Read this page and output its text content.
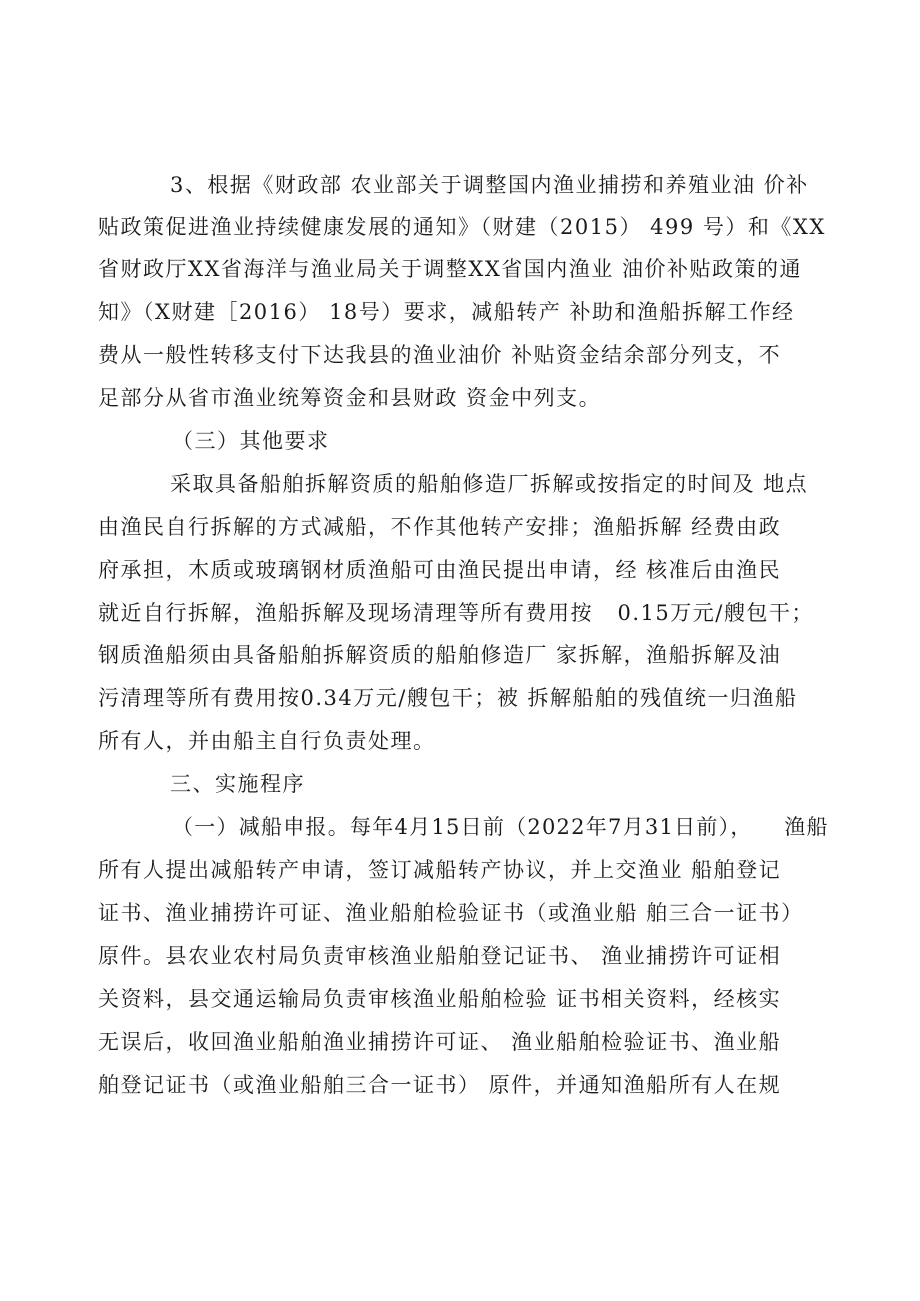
3、根据《财政部 农业部关于调整国内渔业捕捞和养殖业油 价补
贴政策促进渔业持续健康发展的通知》（财建（2015） 499 号）和《XX
省财政厅XX省海洋与渔业局关于调整XX省国内渔业 油价补贴政策的通
知》（X财建［2016） 18号）要求，减船转产 补助和渔船拆解工作经
费从一般性转移支付下达我县的渔业油价 补贴资金结余部分列支，不
足部分从省市渔业统筹资金和县财政 资金中列支。
（三）其他要求
采取具备船舶拆解资质的船舶修造厂拆解或按指定的时间及 地点
由渔民自行拆解的方式减船，不作其他转产安排；渔船拆解 经费由政
府承担，木质或玻璃钢材质渔船可由渔民提出申请，经 核准后由渔民
就近自行拆解，渔船拆解及现场清理等所有费用按   0.15万元/艘包干；
钢质渔船须由具备船舶拆解资质的船舶修造厂 家拆解，渔船拆解及油
污清理等所有费用按0.34万元/艘包干；被 拆解船舶的残值统一归渔船
所有人，并由船主自行负责处理。
三、实施程序
（一）减船申报。每年4月15日前（2022年7月31日前），    渔船
所有人提出减船转产申请，签订减船转产协议，并上交渔业 船舶登记
证书、渔业捕捞许可证、渔业船舶检验证书（或渔业船 舶三合一证书）
原件。县农业农村局负责审核渔业船舶登记证书、 渔业捕捞许可证相
关资料，县交通运输局负责审核渔业船舶检验 证书相关资料，经核实
无误后，收回渔业船舶渔业捕捞许可证、 渔业船舶检验证书、渔业船
舶登记证书（或渔业船舶三合一证书） 原件，并通知渔船所有人在规
